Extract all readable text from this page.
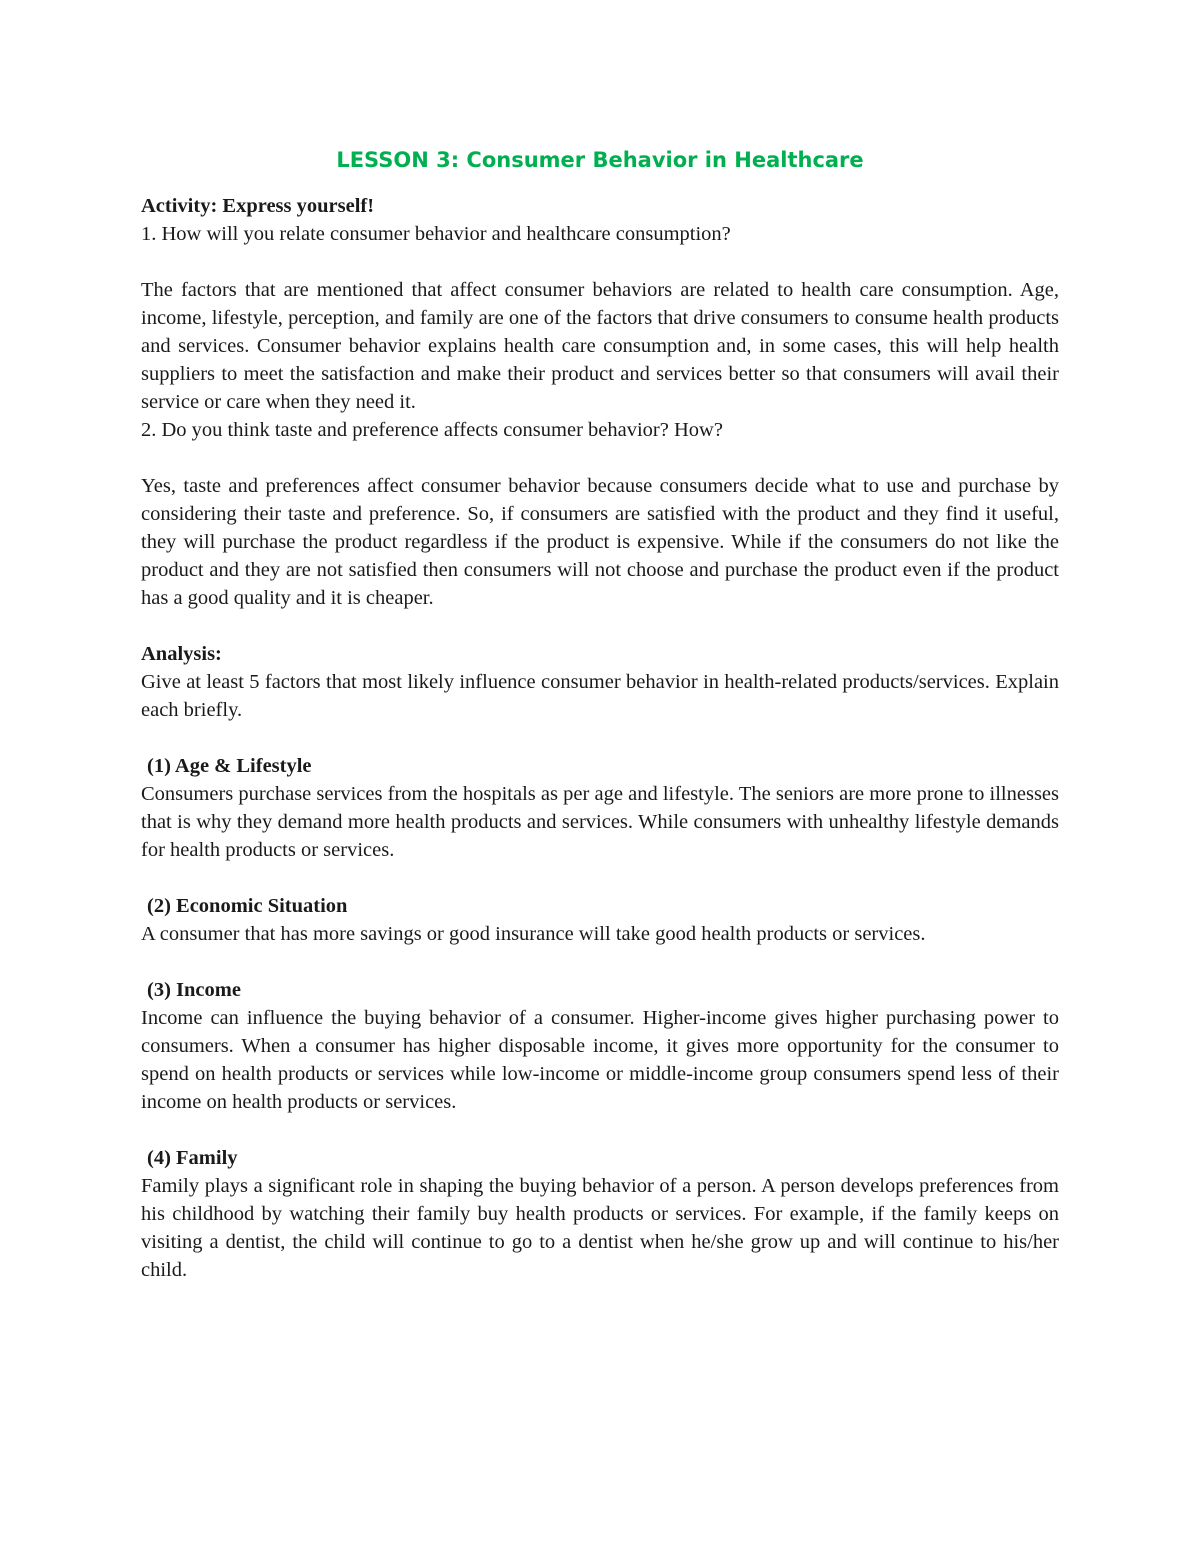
LESSON 3: Consumer Behavior in Healthcare

Activity: Express yourself!

1. How will you relate consumer behavior and healthcare consumption?

The factors that are mentioned that affect consumer behaviors are related to health care consumption. Age, income, lifestyle, perception, and family are one of the factors that drive consumers to consume health products and services. Consumer behavior explains health care consumption and, in some cases, this will help health suppliers to meet the satisfaction and make their product and services better so that consumers will avail their service or care when they need it.

2. Do you think taste and preference affects consumer behavior? How?

Yes, taste and preferences affect consumer behavior because consumers decide what to use and purchase by considering their taste and preference. So, if consumers are satisfied with the product and they find it useful, they will purchase the product regardless if the product is expensive. While if the consumers do not like the product and they are not satisfied then consumers will not choose and purchase the product even if the product has a good quality and it is cheaper.

Analysis:

Give at least 5 factors that most likely influence consumer behavior in health-related products/services. Explain each briefly.

(1) Age & Lifestyle

Consumers purchase services from the hospitals as per age and lifestyle. The seniors are more prone to illnesses that is why they demand more health products and services. While consumers with unhealthy lifestyle demands for health products or services.

(2) Economic Situation

A consumer that has more savings or good insurance will take good health products or services.

(3) Income

Income can influence the buying behavior of a consumer. Higher-income gives higher purchasing power to consumers. When a consumer has higher disposable income, it gives more opportunity for the consumer to spend on health products or services while low-income or middle-income group consumers spend less of their income on health products or services.

(4) Family

Family plays a significant role in shaping the buying behavior of a person. A person develops preferences from his childhood by watching their family buy health products or services. For example, if the family keeps on visiting a dentist, the child will continue to go to a dentist when he/she grow up and will continue to his/her child.
